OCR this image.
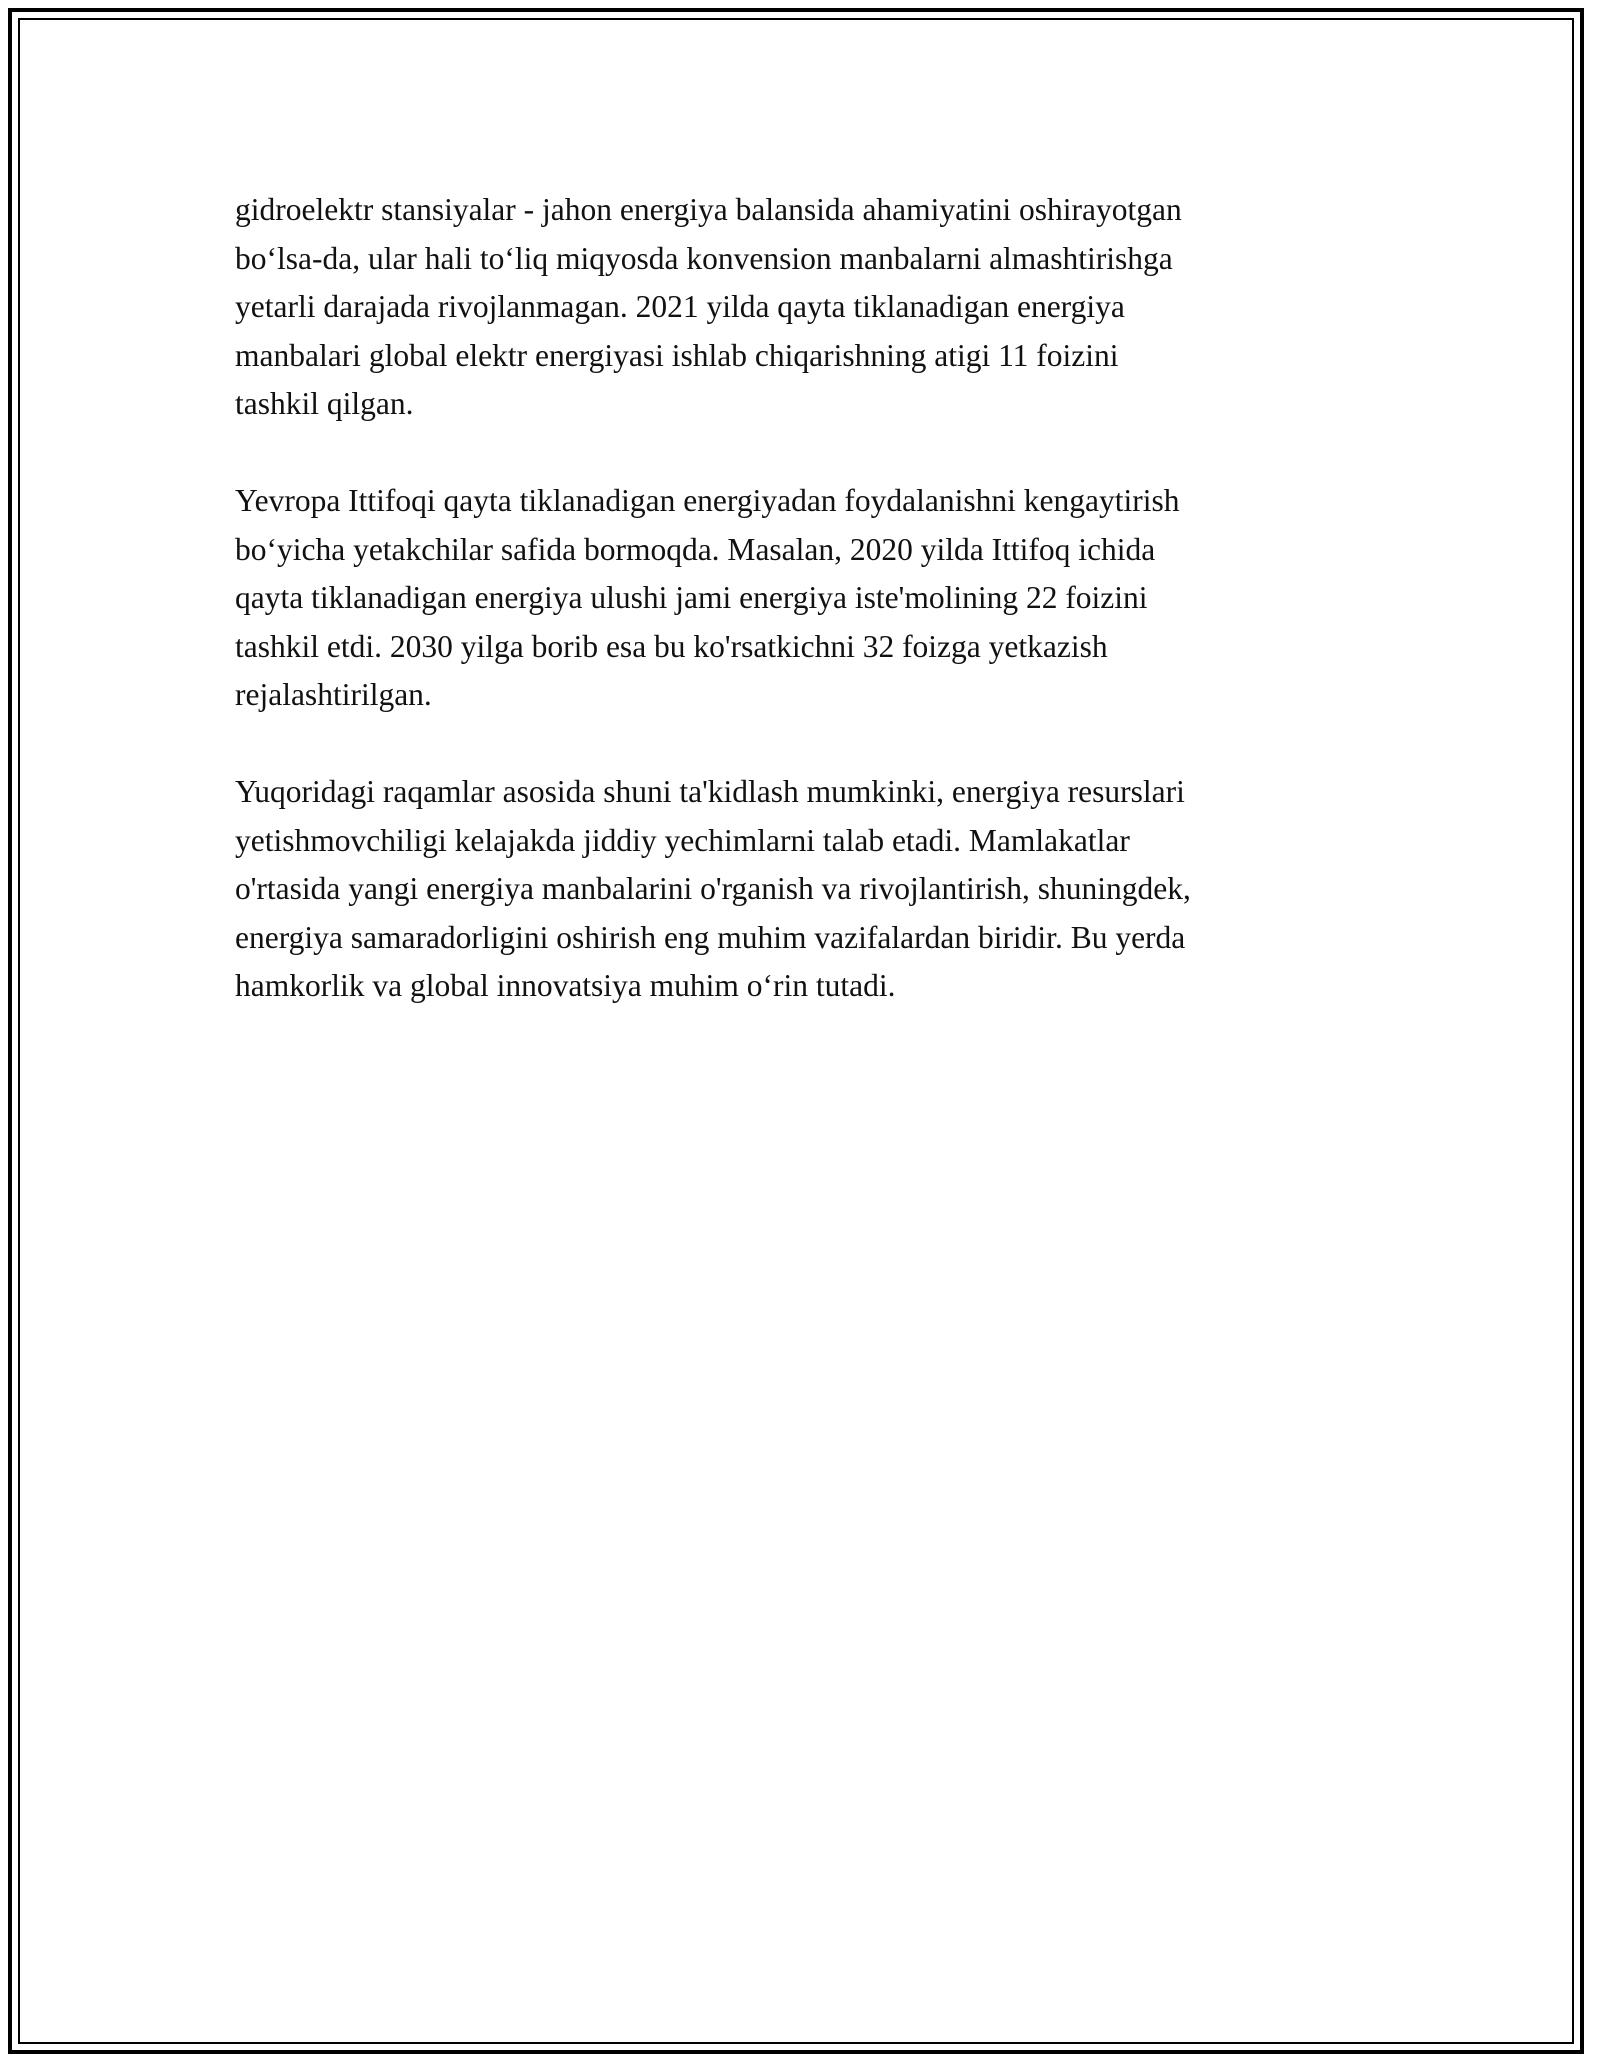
gidroelektr stansiyalar - jahon energiya balansida ahamiyatini oshirayotgan
bo‘lsa-da, ular hali to‘liq miqyosda konvension manbalarni almashtirishga
yetarli darajada rivojlanmagan. 2021 yilda qayta tiklanadigan energiya
manbalari global elektr energiyasi ishlab chiqarishning atigi 11 foizini
tashkil qilgan.

Yevropa Ittifoqi qayta tiklanadigan energiyadan foydalanishni kengaytirish
bo‘yicha yetakchilar safida bormoqda. Masalan, 2020 yilda Ittifoq ichida
qayta tiklanadigan energiya ulushi jami energiya iste'molining 22 foizini
tashkil etdi. 2030 yilga borib esa bu ko'rsatkichni 32 foizga yetkazish
rejalashtirilgan.

Yuqoridagi raqamlar asosida shuni ta'kidlash mumkinki, energiya resurslari
yetishmovchiligi kelajakda jiddiy yechimlarni talab etadi. Mamlakatlar
o'rtasida yangi energiya manbalarini o'rganish va rivojlantirish, shuningdek,
energiya samaradorligini oshirish eng muhim vazifalardan biridir. Bu yerda
hamkorlik va global innovatsiya muhim o‘rin tutadi.
